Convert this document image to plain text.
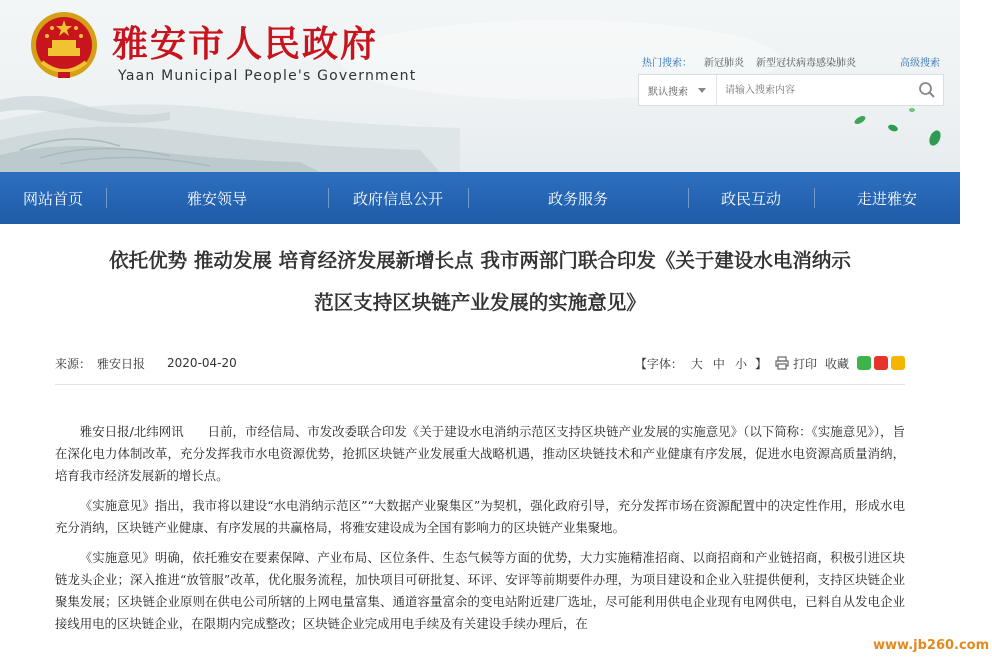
雅安市人民政府
Yaan Municipal People's Government
热门搜索： 新冠肺炎 新型冠状病毒感染肺炎	高级搜索
默认搜索
请输入搜索内容
网站首页	雅安领导	政府信息公开	政务服务	政民互动	走进雅安
依托优势 推动发展 培育经济发展新增长点 我市两部门联合印发《关于建设水电消纳示
范区支持区块链产业发展的实施意见》
来源： 雅安日报 2020-04-20	【字体： 大 中 小 】 打印 收藏

雅安日报/北纬网讯 日前，市经信局、市发改委联合印发《关于建设水电消纳示范区支持区块链产业发展的实施意见》（以下简称：《实施意见》），旨在深化电力体制改革，充分发挥我市水电资源优势，抢抓区块链产业发展重大战略机遇，推动区块链技术和产业健康有序发展，促进水电资源高质量消纳，培育我市经济发展新的增长点。

《实施意见》指出，我市将以建设“水电消纳示范区”“大数据产业聚集区”为契机，强化政府引导，充分发挥市场在资源配置中的决定性作用，形成水电充分消纳，区块链产业健康、有序发展的共赢格局，将雅安建设成为全国有影响力的区块链产业集聚地。

《实施意见》明确，依托雅安在要素保障、产业布局、区位条件、生态气候等方面的优势，大力实施精准招商、以商招商和产业链招商，积极引进区块链龙头企业；深入推进“放管服”改革，优化服务流程，加快项目可研批复、环评、安评等前期要件办理，为项目建设和企业入驻提供便利，支持区块链企业聚集发展；区块链企业原则在供电公司所辖的上网电量富集、通道容量富余的变电站附近建厂选址，尽可能利用供电企业现有电网供电，已料自从发电企业接线用电的区块链企业，在限期内完成整改；区块链企业完成用电手续及有关建设手续办理后，在

www.jb260.com
